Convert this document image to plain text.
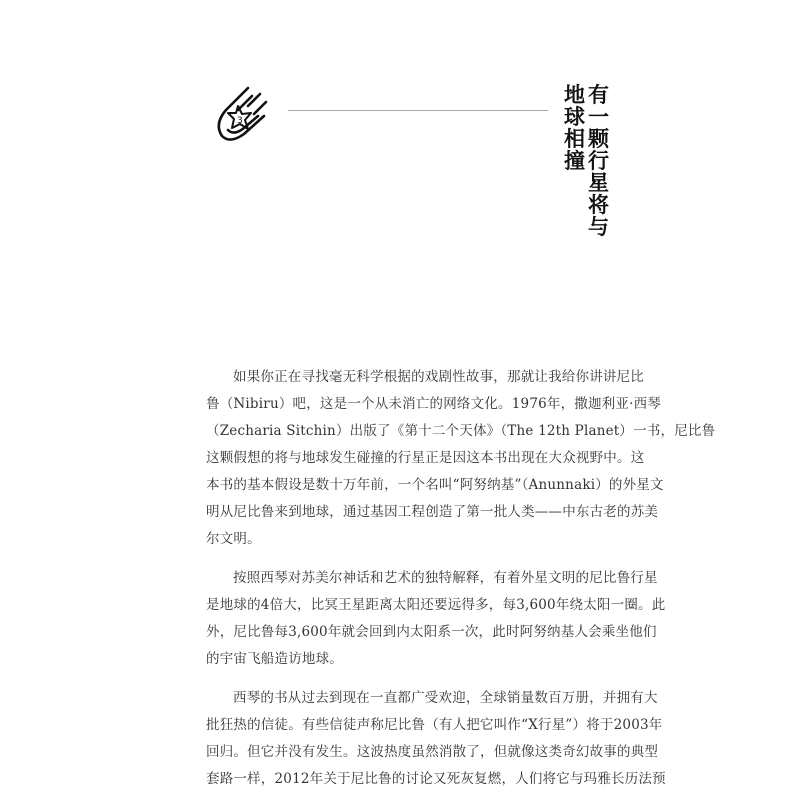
3
有一颗行星将与
地球相撞
如果你正在寻找毫无科学根据的戏剧性故事，那就让我给你讲讲尼比
鲁（Nibiru）吧，这是一个从未消亡的网络文化。1976年，撒迦利亚·西琴
（Zecharia Sitchin）出版了《第十二个天体》（The 12th Planet）一书，尼比鲁
这颗假想的将与地球发生碰撞的行星正是因这本书出现在大众视野中。这
本书的基本假设是数十万年前，一个名叫“阿努纳基”（Anunnaki）的外星文
明从尼比鲁来到地球，通过基因工程创造了第一批人类——中东古老的苏美
尔文明。
按照西琴对苏美尔神话和艺术的独特解释，有着外星文明的尼比鲁行星
是地球的4倍大，比冥王星距离太阳还要远得多，每3,600年绕太阳一圈。此
外，尼比鲁每3,600年就会回到内太阳系一次，此时阿努纳基人会乘坐他们
的宇宙飞船造访地球。
西琴的书从过去到现在一直都广受欢迎，全球销量数百万册，并拥有大
批狂热的信徒。有些信徒声称尼比鲁（有人把它叫作“X行星”）将于2003年
回归。但它并没有发生。这波热度虽然消散了，但就像这类奇幻故事的典型
套路一样，2012年关于尼比鲁的讨论又死灰复燃，人们将它与玛雅长历法预
